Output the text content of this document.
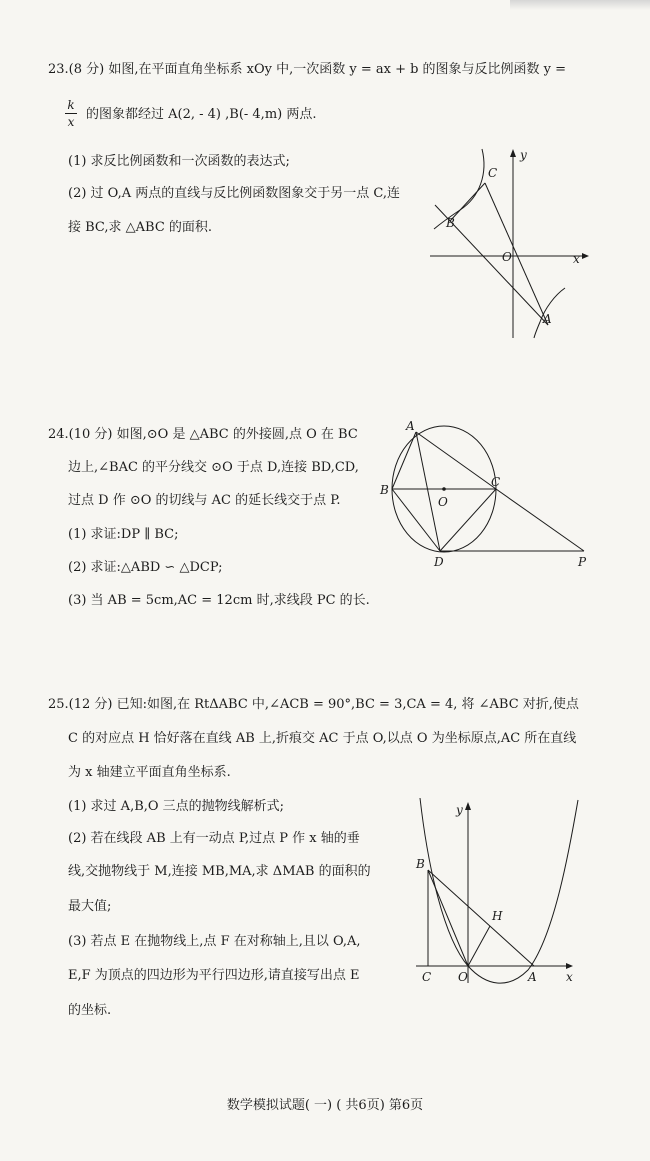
23.(8 分) 如图,在平面直角坐标系 xOy 中,一次函数 y = ax + b 的图象与反比例函数 y =
k
x 的图象都经过 A(2, - 4) ,B(- 4,m) 两点.
(1) 求反比例函数和一次函数的表达式;
(2) 过 O,A 两点的直线与反比例函数图象交于另一点 C,连
接 BC,求 △ABC 的面积.
y
C
B
O	x
A
24.(10 分) 如图,⊙O 是 △ABC 的外接圆,点 O 在 BC
边上,∠BAC 的平分线交 ⊙O 于点 D,连接 BD,CD,
过点 D 作 ⊙O 的切线与 AC 的延长线交于点 P.
(1) 求证:DP ∥ BC;
(2) 求证:△ABD ∽ △DCP;
(3) 当 AB = 5cm,AC = 12cm 时,求线段 PC 的长.
A
B
O
C
D	P
25.(12 分) 已知:如图,在 RtΔABC 中,∠ACB = 90°,BC = 3,CA = 4, 将 ∠ABC 对折,使点
C 的对应点 H 恰好落在直线 AB 上,折痕交 AC 于点 O,以点 O 为坐标原点,AC 所在直线
为 x 轴建立平面直角坐标系.
(1) 求过 A,B,O 三点的抛物线解析式;
(2) 若在线段 AB 上有一动点 P,过点 P 作 x 轴的垂
线,交抛物线于 M,连接 MB,MA,求 ΔMAB 的面积的
最大值;
(3) 若点 E 在抛物线上,点 F 在对称轴上,且以 O,A,
E,F 为顶点的四边形为平行四边形,请直接写出点 E
的坐标.
y
B
H
C O	A x
数学模拟试题( 一) ( 共6页) 第6页
